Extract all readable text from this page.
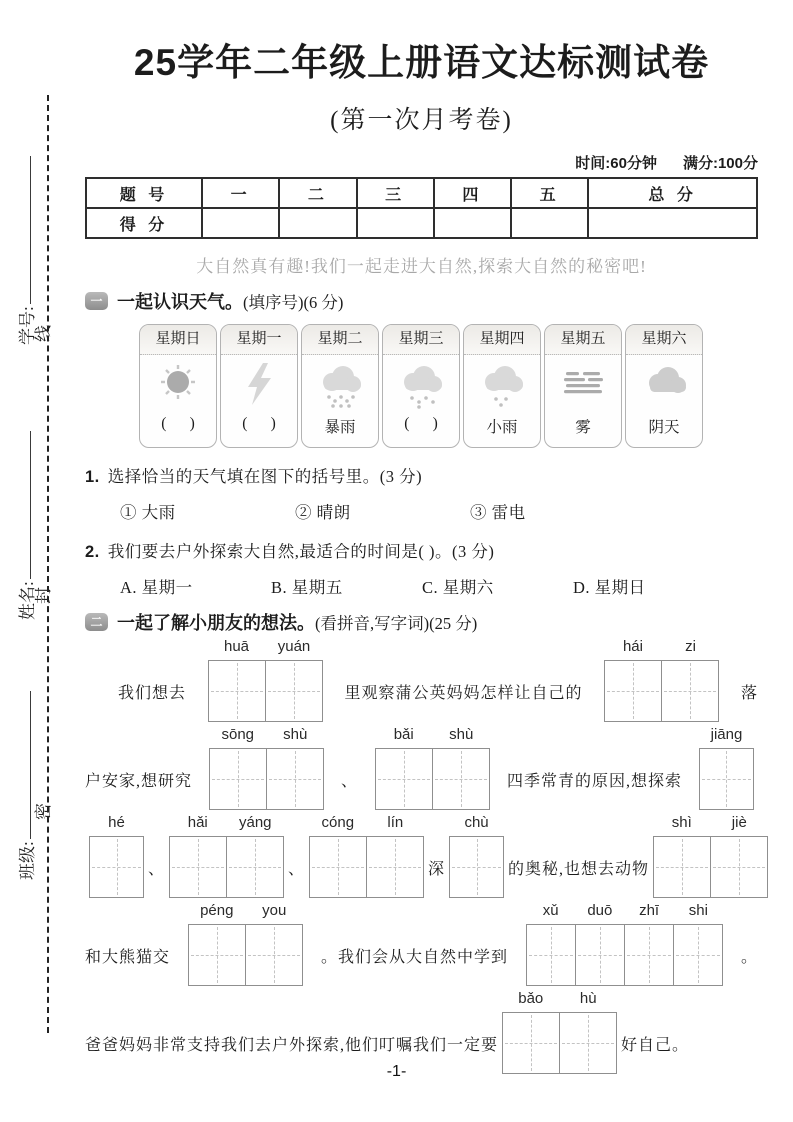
学号:
姓名:
班级:
线
封
密
25学年二年级上册语文达标测试卷
(第一次月考卷)
时间:60分钟 满分:100分
题 号	一	二	三	四	五	总 分
得 分						
大自然真有趣!我们一起走进大自然,探索大自然的秘密吧!
一 一起认识天气。(填序号)(6 分)
星期日
(      )
星期一
(      )
星期二
暴雨
星期三
(      )
星期四
小雨
星期五
雾
星期六
阴天
1. 选择恰当的天气填在图下的括号里。(3 分)
① 大雨	② 晴朗	③ 雷电
2. 我们要去户外探索大自然,最适合的时间是( )。(3 分)
A. 星期一	B. 星期五	C. 星期六	D. 星期日
二 一起了解小朋友的想法。(看拼音,写字词)(25 分)
我们想去
huā	yuán
里观察蒲公英妈妈怎样让自己的
hái	zi
落
户安家,想研究
sōng	shù
、
bǎi	shù
四季常青的原因,想探索
jiāng
hé
、
hǎi	yáng
、
cóng	lín
深
chù
的奥秘,也想去动物
shì	jiè
和大熊猫交
péng	you
。我们会从大自然中学到
xǔ	duō	zhī	shi
。
爸爸妈妈非常支持我们去户外探索,他们叮嘱我们一定要
bǎo	hù
好自己。
-1-
